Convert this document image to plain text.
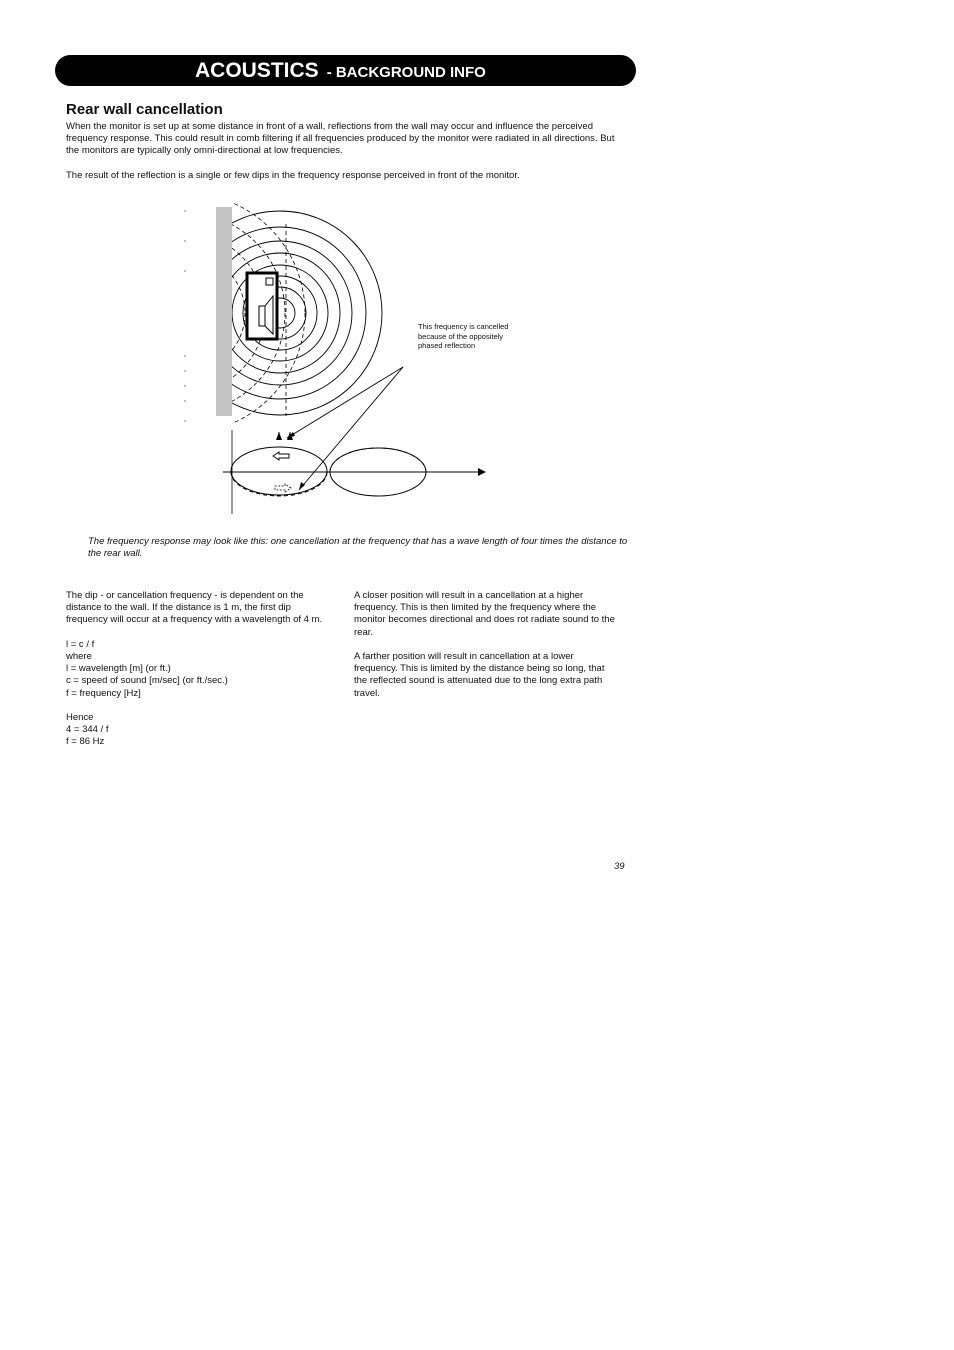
ACOUSTICS - BACKGROUND INFO
Rear wall cancellation

When the monitor is set up at some distance in front of a wall, reflections from the wall may occur and influence the perceived frequency response. This could result in comb filtering if all frequencies produced by the monitor were radiated in all directions. But the monitors are typically only omni-directional at low frequencies.

The result of the reflection is a single or few dips in the frequency response perceived in front of the monitor.

This frequency is cancelled because of the oppositely phased reflection
The frequency response may look like this: one cancellation at the frequency that has a wave length of four times the distance to the rear wall.

The dip - or cancellation frequency - is dependent on the distance to the wall. If the distance is 1 m, the first dip frequency will occur at a frequency with a wavelength of 4 m.

l = c / f
where
l = wavelength [m] (or ft.)
c = speed of sound [m/sec] (or ft./sec.)
f = frequency [Hz]

Hence
4 = 344 / f
f = 86 Hz

A closer position will result in a cancellation at a higher frequency. This is then limited by the frequency where the monitor becomes directional and does rot radiate sound to the rear.

A farther position will result in cancellation at a lower frequency. This is limited by the distance being so long, that the reflected sound is attenuated due to the long extra path travel.

39
